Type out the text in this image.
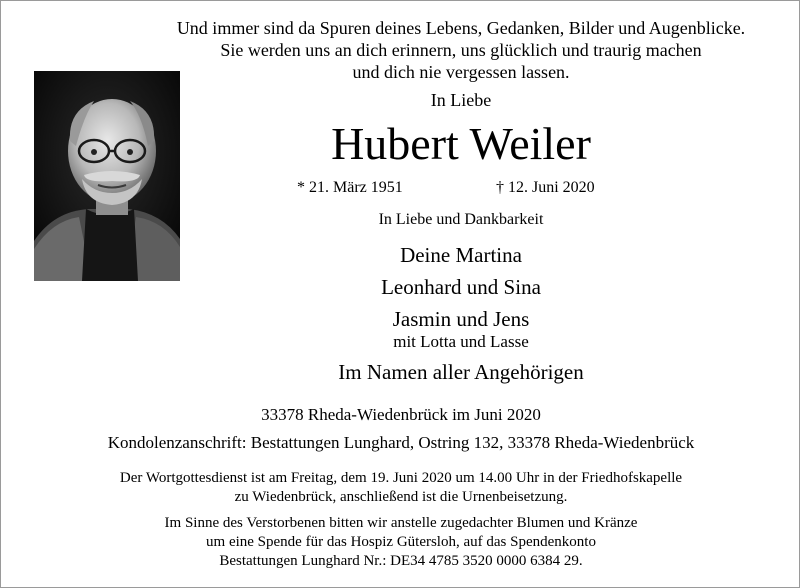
Und immer sind da Spuren deines Lebens, Gedanken, Bilder und Augenblicke.
Sie werden uns an dich erinnern, uns glücklich und traurig machen
und dich nie vergessen lassen.
In Liebe
Hubert Weiler
* 21. März 1951	† 12. Juni 2020
In Liebe und Dankbarkeit
Deine Martina
Leonhard und Sina
Jasmin und Jens
mit Lotta und Lasse
Im Namen aller Angehörigen
33378 Rheda-Wiedenbrück im Juni 2020
Kondolenzanschrift: Bestattungen Lunghard, Ostring 132, 33378 Rheda-Wiedenbrück
Der Wortgottesdienst ist am Freitag, dem 19. Juni 2020 um 14.00 Uhr in der Friedhofskapelle
zu Wiedenbrück, anschließend ist die Urnenbeisetzung.
Im Sinne des Verstorbenen bitten wir anstelle zugedachter Blumen und Kränze
um eine Spende für das Hospiz Gütersloh, auf das Spendenkonto
Bestattungen Lunghard Nr.: DE34 4785 3520 0000 6384 29.
